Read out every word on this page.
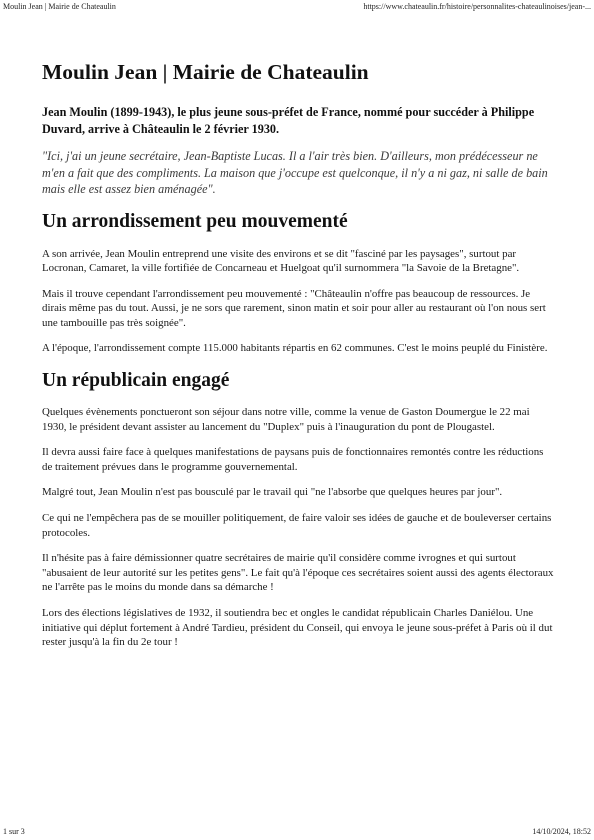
Moulin Jean | Mairie de Chateaulin	https://www.chateaulin.fr/histoire/personnalites-chateaulinoises/jean-...
Moulin Jean | Mairie de Chateaulin

Jean Moulin (1899-1943), le plus jeune sous-préfet de France, nommé pour succéder à Philippe Duvard, arrive à Châteaulin le 2 février 1930.

"Ici, j'ai un jeune secrétaire, Jean-Baptiste Lucas. Il a l'air très bien. D'ailleurs, mon prédécesseur ne m'en a fait que des compliments. La maison que j'occupe est quelconque, il n'y a ni gaz, ni salle de bain mais elle est assez bien aménagée".

Un arrondissement peu mouvementé

A son arrivée, Jean Moulin entreprend une visite des environs et se dit "fasciné par les paysages", surtout par Locronan, Camaret, la ville fortifiée de Concarneau et Huelgoat qu'il surnommera "la Savoie de la Bretagne".

Mais il trouve cependant l'arrondissement peu mouvementé : "Châteaulin n'offre pas beaucoup de ressources. Je dirais même pas du tout. Aussi, je ne sors que rarement, sinon matin et soir pour aller au restaurant où l'on nous sert une tambouille pas très soignée".

A l'époque, l'arrondissement compte 115.000 habitants répartis en 62 communes. C'est le moins peuplé du Finistère.

Un républicain engagé

Quelques évènements ponctueront son séjour dans notre ville, comme la venue de Gaston Doumergue le 22 mai 1930, le président devant assister au lancement du "Duplex" puis à l'inauguration du pont de Plougastel.

Il devra aussi faire face à quelques manifestations de paysans puis de fonctionnaires remontés contre les réductions de traitement prévues dans le programme gouvernemental.

Malgré tout, Jean Moulin n'est pas bousculé par le travail qui "ne l'absorbe que quelques heures par jour".

Ce qui ne l'empêchera pas de se mouiller politiquement, de faire valoir ses idées de gauche et de bouleverser certains protocoles.

Il n'hésite pas à faire démissionner quatre secrétaires de mairie qu'il considère comme ivrognes et qui surtout "abusaient de leur autorité sur les petites gens". Le fait qu'à l'époque ces secrétaires soient aussi des agents électoraux ne l'arrête pas le moins du monde dans sa démarche !

Lors des élections législatives de 1932, il soutiendra bec et ongles le candidat républicain Charles Daniélou. Une initiative qui déplut fortement à André Tardieu, président du Conseil, qui envoya le jeune sous-préfet à Paris où il dut rester jusqu'à la fin du 2e tour !

1 sur 3	14/10/2024, 18:52
